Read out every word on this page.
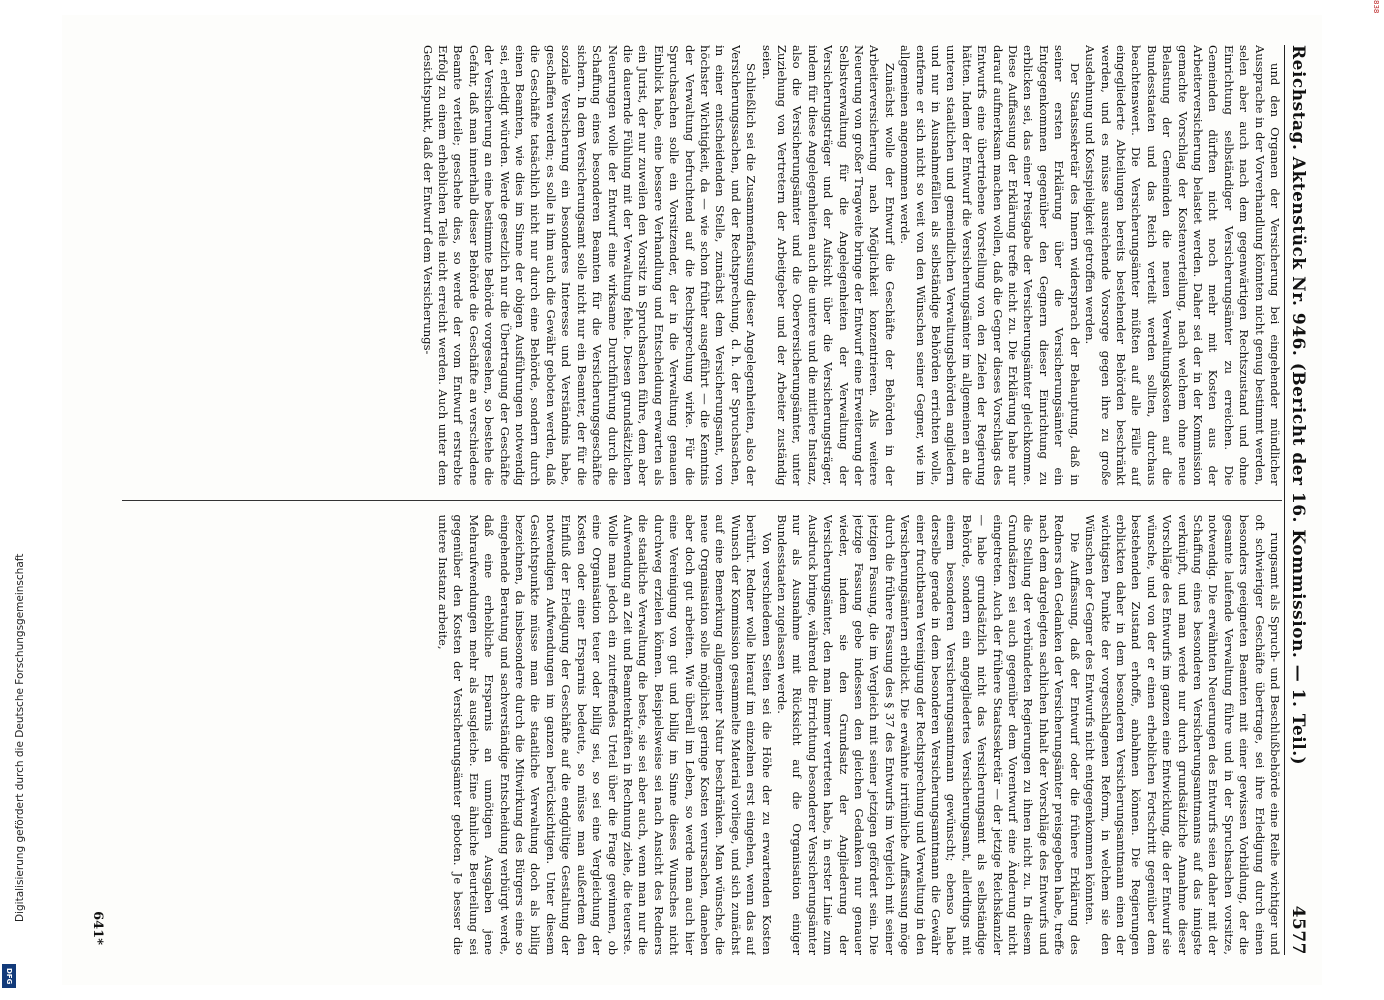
Reichstag. Aktenstück Nr. 946. (Bericht der 16. Kommission. — 1. Teil.)
4577

und den Organen der Versicherung bei eingehender mündlicher Aussprache in der Vorverhandlung könnten nicht genug bestimmt werden, selen aber auch nach dem gegenwärtigen Rechtszustand und ohne Einrichtung selbständiger Versicherungsämter zu erreichen. Die Gemeinden dürften nicht noch mehr mit Kosten aus der Arbeiterversicherung belastet werden. Daher sei der in der Kommission gemachte Vorschlag der Kostenverteilung, nach welchem ohne neue Belastung der Gemeinden die neuen Verwaltungskosten auf die Bundesstaaten und das Reich verteilt werden sollten, durchaus beachtenswert. Die Versicherungsämter müßten auf alle Fälle auf eingegliederte Abteilungen bereits bestehender Behörden beschränkt werden, und es müsse ausreichende Vorsorge gegen ihre zu große Ausdehnung und Kostspieligkeit getroffen werden.

Der Staatssekretär des Innern widersprach der Behauptung, daß in seiner ersten Erklärung über die Versicherungsämter ein Entgegenkommen gegenüber den Gegnern dieser Einrichtung zu erblicken sei, das einer Preisgabe der Versicherungsämter gleichkomme. Diese Auffassung der Erklärung treffe nicht zu. Die Erklärung habe nur darauf aufmerksam machen wollen, daß die Gegner dieses Vorschlags des Entwurfs eine übertriebene Vorstellung von den Zielen der Regierung hätten. Indem der Entwurf die Versicherungsämter im allgemeinen an die unteren staatlichen und gemeindlichen Verwaltungsbehörden angliedern und nur in Ausnahmefällen als selbständige Behörden errichten wolle, entferne er sich nicht so weit von den Wünschen seiner Gegner, wie im allgemeinen angenommen werde.

Zunächst wolle der Entwurf die Geschäfte der Behörden in der Arbeiterversicherung nach Möglichkeit konzentrieren. Als weitere Neuerung von großer Tragweite bringe der Entwurf eine Erweiterung der Selbstverwaltung für die Angelegenheiten der Verwaltung der Versicherungsträger und der Aufsicht über die Versicherungsträger, indem für diese Angelegenheiten auch die untere und die mittlere Instanz, also die Versicherungsämter und die Oberversicherungsämter, unter Zuziehung von Vertretern der Arbeitgeber und der Arbeiter zuständig seien.

Schließlich sei die Zusammenfassung dieser Angelegenheiten, also der Versicherungssachen, und der Rechtsprechung, d. h. der Spruchsachen, in einer entscheidenden Stelle, zunächst dem Versicherungsamt, von höchster Wichtigkeit, da — wie schon früher ausgeführt — die Kenntnis der Verwaltung befruchtend auf die Rechtsprechung wirke. Für die Spruchsachen solle ein Vorsitzender, der in die Verwaltung genauen Einblick habe, eine bessere Verhandlung und Entscheidung erwarten als ein Jurist, der nur zuweilen den Vorsitz in Spruchsachen führe, dem aber die dauernde Fühlung mit der Verwaltung fehle. Diesen grundsätzlichen Neuerungen wolle der Entwurf eine wirksame Durchführung durch die Schaffung eines besonderen Beamten für die Versicherungsgeschäfte sichern. In dem Versicherungsamt solle nicht nur ein Beamter, der für die soziale Versicherung ein besonderes Interesse und Verständnis habe, geschaffen werden; es solle in ihm auch die Gewähr geboten werden, daß die Geschäfte tatsächlich nicht nur durch eine Behörde, sondern durch einen Beamten, wie dies im Sinne der obigen Ausführungen notwendig sei, erledigt würden. Werde gesetzlich nur die Übertragung der Geschäfte der Versicherung an eine bestimmte Behörde vorgesehen, so bestehe die Gefahr, daß man innerhalb dieser Behörde die Geschäfte an verschiedene Beamte verteile; geschehe dies, so werde der vom Entwurf erstrebte Erfolg zu einem erheblichen Teile nicht erreicht werden. Auch unter dem Gesichtspunkt, daß der Entwurf dem Versicherungs-

rungsamt als Spruch- und Beschlußbehörde eine Reihe wichtiger und oft schwieriger Geschäfte übertrage, sei ihre Erledigung durch einen besonders geeigneten Beamten mit einer gewissen Vorbildung, der die gesamte laufende Verwaltung führe und in der Spruchsachen vorsitze, notwendig. Die erwähnten Neuerungen des Entwurfs seien daher mit der Schaffung eines besonderen Versicherungsamtmanns auf das innigste verknüpft, und man werde nur durch grundsätzliche Annahme dieser Vorschläge des Entwurfs im ganzen eine Entwicklung, die der Entwurf sie wünsche, und von der er einen erheblichen Fortschritt gegenüber dem bestehenden Zustand erhoffe, anbahnen können. Die Regierungen erblickten daher in dem besonderen Versicherungsamtmann einen der wichtigsten Punkte der vorgeschlagenen Reform, in welchem sie den Wünschen der Gegner des Entwurfs nicht entgegenkommen könnten.

Die Auffassung, daß der Entwurf oder die frühere Erklärung des Redners den Gedanken der Versicherungsämter preisgegeben habe, treffe nach dem dargelegten sachlichen Inhalt der Vorschläge des Entwurfs und die Stellung der verbündeten Regierungen zu ihnen nicht zu. In diesem Grundsätzen sei auch gegenüber dem Vorentwurf eine Änderung nicht eingetreten. Auch der frühere Staatssekretär — der jetzige Reichskanzler — habe grundsätzlich nicht das Versicherungsamt als selbständige Behörde, sondern ein angegliedertes Versicherungsamt, allerdings mit einem besonderen Versicherungsamtmann gewünscht; ebenso habe derselbe gerade in dem besonderen Versicherungsamtmann die Gewähr einer fruchtbaren Vereinigung der Rechtsprechung und Verwaltung in den Versicherungsämtern erblickt. Die erwähnte irrtümliche Auffassung möge durch die frühere Fassung des § 37 des Entwurfs im Vergleich mit seiner jetzigen Fassung, die im Vergleich mit seiner jetzigen gefördert sein. Die jetzige Fassung gebe indessen den gleichen Gedanken nur genauer wieder, indem sie den Grundsatz der Angliederung der Versicherungsämter, den man immer vertreten habe, in erster Linie zum Ausdruck bringe, während die Errichtung besonderer Versicherungsämter nur als Ausnahme mit Rücksicht auf die Organisation einiger Bundesstaaten zugelassen werde.

Von verschiedenen Seiten sei die Höhe der zu erwartenden Kosten berührt. Redner wolle hierauf im einzelnen erst eingehen, wenn das auf Wunsch der Kommission gesammelte Material vorliege, und sich zunächst auf eine Bemerkung allgemeiner Natur beschränken. Man wünsche, die neue Organisation solle möglichst geringe Kosten verursachen, daneben aber doch gut arbeiten. Wie überall im Leben, so werde man auch hier eine Vereinigung von gut und billig im Sinne dieses Wunsches nicht durchweg erzielen können. Beispielsweise sei nach Ansicht des Redners die staatliche Verwaltung die beste, sie sei aber auch, wenn man nur die Aufwendung an Zeit und Beamtenkräften in Rechnung ziehe, die teuerste. Wolle man jedoch ein zutreffendes Urteil über die Frage gewinnen, ob eine Organisation teuer oder billig sei, so sei eine Vergleichung der Kosten oder einer Ersparnis bedeute, so müsse man außerdem den Einfluß der Erledigung der Geschäfte auf die endgültige Gestaltung der notwendigen Aufwendungen im ganzen berücksichtigen. Unter diesem Gesichtspunkte müsse man die staatliche Verwaltung doch als billig bezeichnen, da insbesondere durch die Mitwirkung des Bürgers eine so eingehende Beratung und sachverständige Entscheidung verbürgt werde, daß eine erhebliche Ersparnis an unnötigen Ausgaben jene Mehraufwendungen mehr als ausgleiche. Eine ähnliche Beurteilung sei gegenüber den Kosten der Versicherungsämter geboten. Je besser die untere Instanz arbeite,

641*
Digitalisierung gefördert durch die Deutsche Forschungsgemeinschaft
DFG
838
